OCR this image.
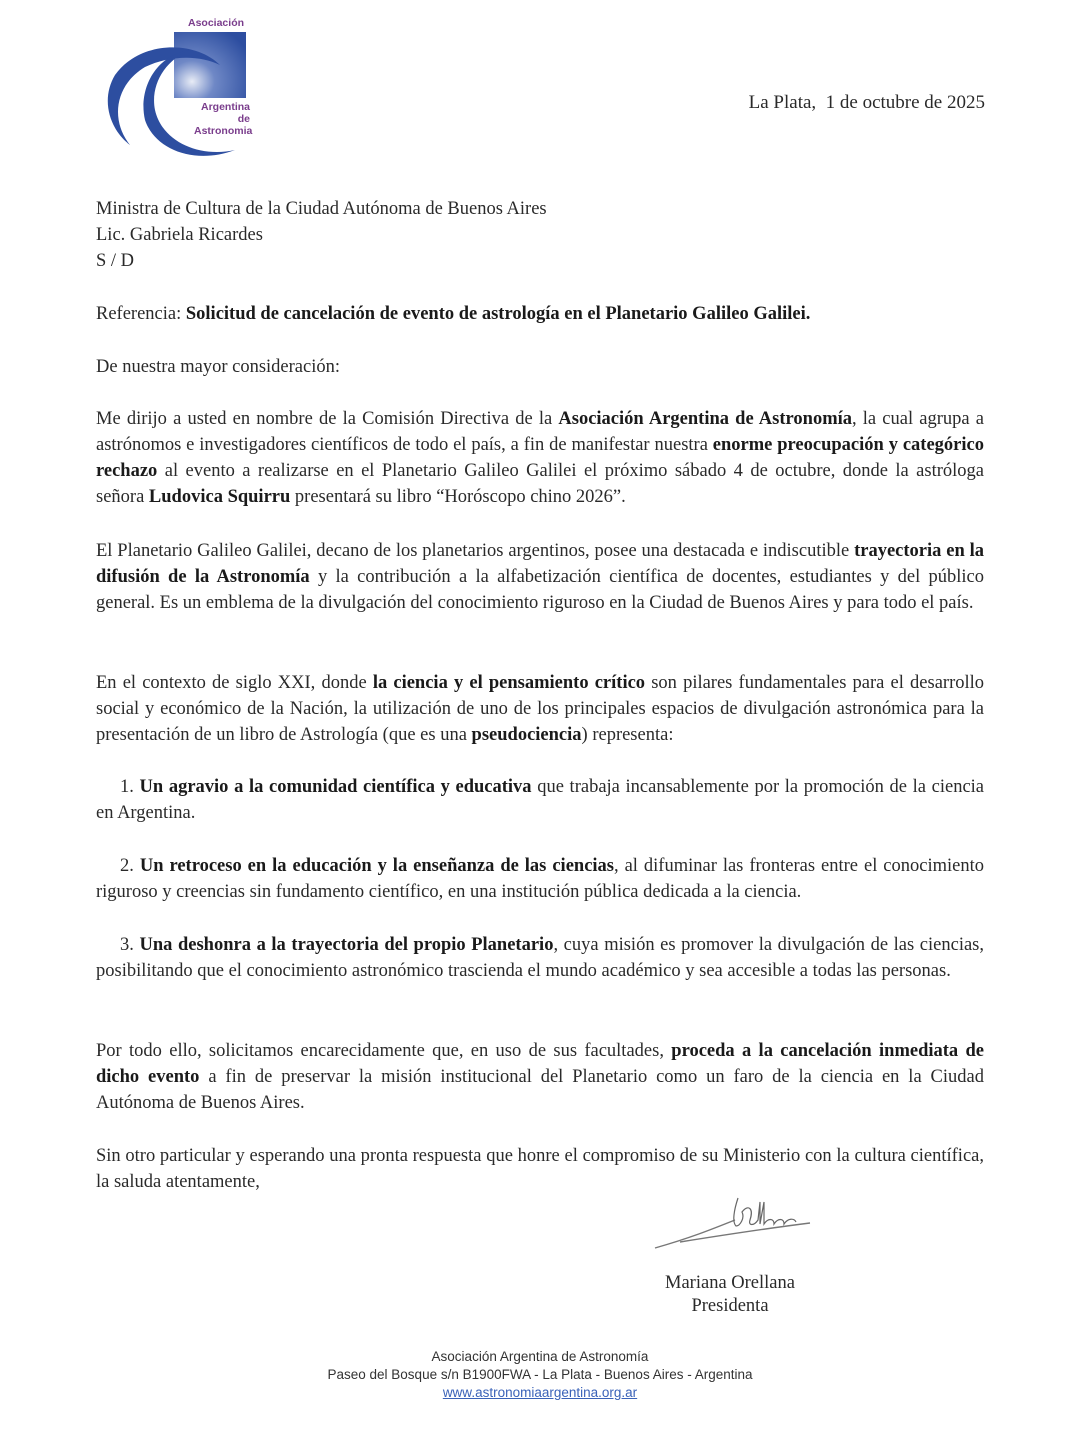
Asociación
Argentina
de Astronomia
La Plata,  1 de octubre de 2025
Ministra de Cultura de la Ciudad Autónoma de Buenos Aires
Lic. Gabriela Ricardes
S / D
Referencia: Solicitud de cancelación de evento de astrología en el Planetario Galileo Galilei.
De nuestra mayor consideración:
Me dirijo a usted en nombre de la Comisión Directiva de la Asociación Argentina de Astronomía, la cual agrupa a astrónomos e investigadores científicos de todo el país, a fin de manifestar nuestra enorme preocupación y categórico rechazo al evento a realizarse en el Planetario Galileo Galilei el próximo sábado 4 de octubre, donde la astróloga señora Ludovica Squirru presentará su libro “Horóscopo chino 2026”.
El Planetario Galileo Galilei, decano de los planetarios argentinos, posee una destacada e indiscutible trayectoria en la difusión de la Astronomía y la contribución a la alfabetización científica de docentes, estudiantes y del público general. Es un emblema de la divulgación del conocimiento riguroso en la Ciudad de Buenos Aires y para todo el país.
En el contexto de siglo XXI, donde la ciencia y el pensamiento crítico son pilares fundamentales para el desarrollo social y económico de la Nación, la utilización de uno de los principales espacios de divulgación astronómica para la presentación de un libro de Astrología (que es una pseudociencia) representa:
1. Un agravio a la comunidad científica y educativa que trabaja incansablemente por la promoción de la ciencia en Argentina.
2. Un retroceso en la educación y la enseñanza de las ciencias, al difuminar las fronteras entre el conocimiento riguroso y creencias sin fundamento científico, en una institución pública dedicada a la ciencia.
3. Una deshonra a la trayectoria del propio Planetario, cuya misión es promover la divulgación de las ciencias, posibilitando que el conocimiento astronómico trascienda el mundo académico y sea accesible a todas las personas.
Por todo ello, solicitamos encarecidamente que, en uso de sus facultades, proceda a la cancelación inmediata de dicho evento a fin de preservar la misión institucional del Planetario como un faro de la ciencia en la Ciudad Autónoma de Buenos Aires.
Sin otro particular y esperando una pronta respuesta que honre el compromiso de su Ministerio con la cultura científica, la saluda atentamente,
Mariana Orellana
Presidenta
Asociación Argentina de Astronomía
Paseo del Bosque s/n B1900FWA - La Plata - Buenos Aires - Argentina
www.astronomiaargentina.org.ar
